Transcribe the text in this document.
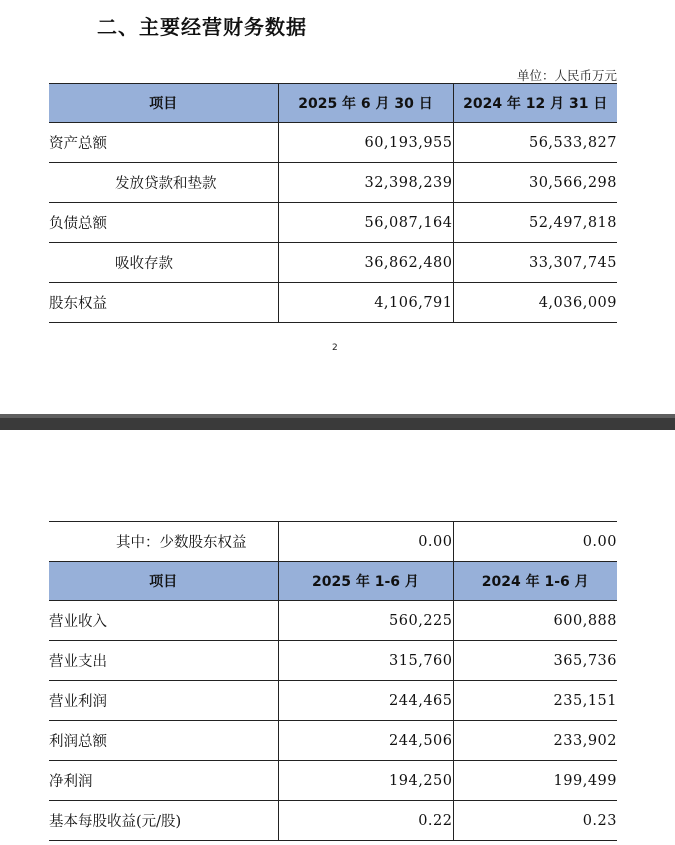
二、主要经营财务数据
单位：人民币万元
项目	2025 年 6 月 30 日	2024 年 12 月 31 日
资产总额	60,193,955	56,533,827
发放贷款和垫款	32,398,239	30,566,298
负债总额	56,087,164	52,497,818
吸收存款	36,862,480	33,307,745
股东权益	4,106,791	4,036,009
2
其中：少数股东权益	0.00	0.00
项目	2025 年 1-6 月	2024 年 1-6 月
营业收入	560,225	600,888
营业支出	315,760	365,736
营业利润	244,465	235,151
利润总额	244,506	233,902
净利润	194,250	199,499
基本每股收益(元/股)	0.22	0.23
